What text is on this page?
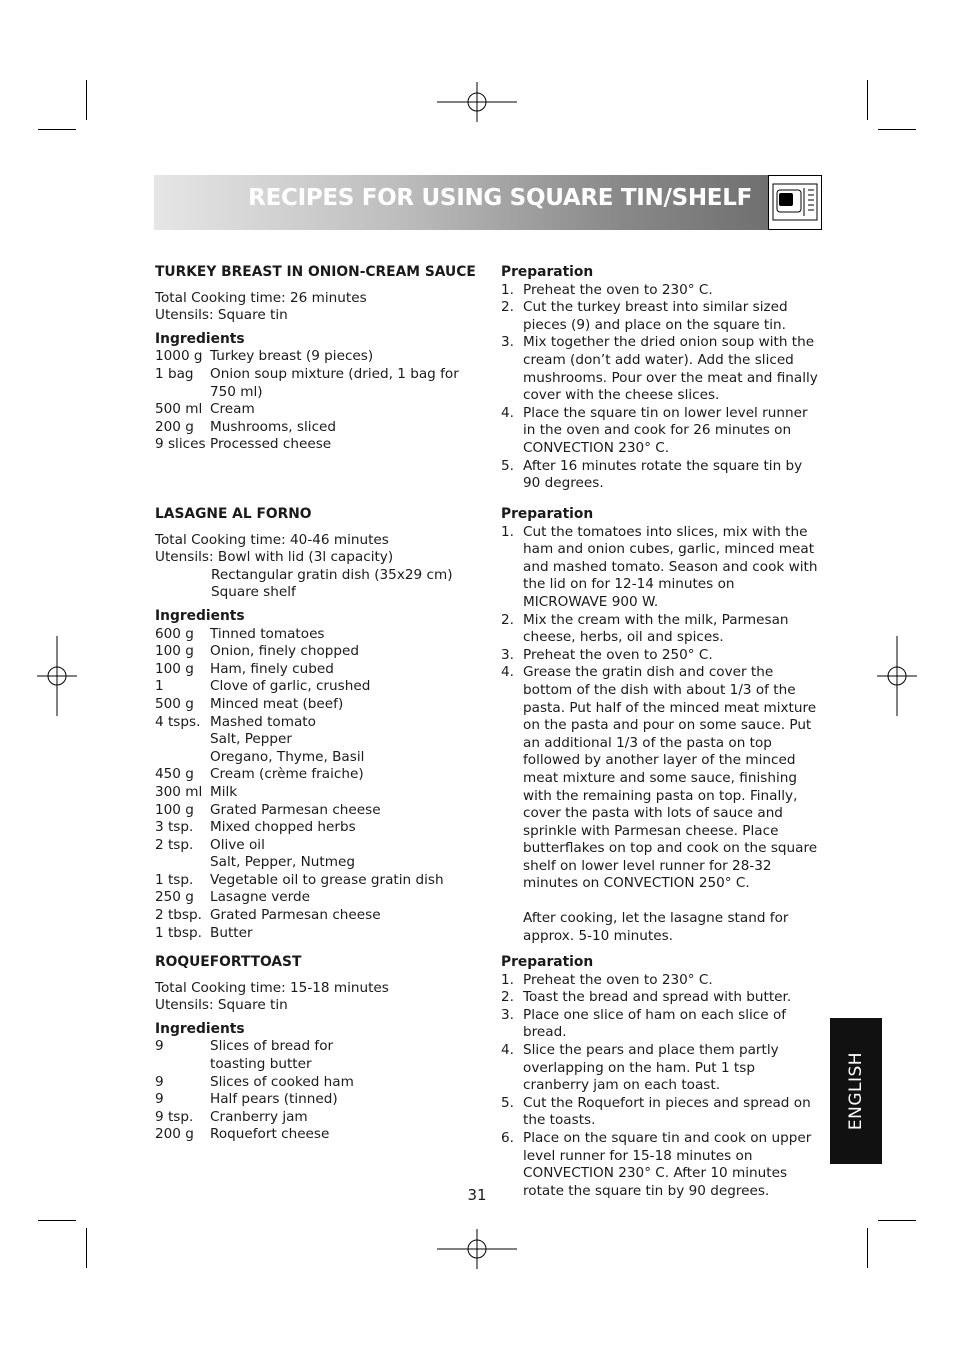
RECIPES FOR USING SQUARE TIN/SHELF

TURKEY BREAST IN ONION-CREAM SAUCE

Total Cooking time: 26 minutes

Utensils: Square tin

Ingredients

1000 g Turkey breast (9 pieces)
1 bag	Onion soup mixture (dried, 1 bag for 750 ml)
500 ml Cream
200 g	Mushrooms, sliced
9 slices Processed cheese

Preparation

1. Preheat the oven to 230° C.
2. Cut the turkey breast into similar sized pieces (9) and place on the square tin.
3. Mix together the dried onion soup with the cream (don’t add water). Add the sliced mushrooms. Pour over the meat and finally cover with the cheese slices.
4. Place the square tin on lower level runner in the oven and cook for 26 minutes on CONVECTION 230° C.
5. After 16 minutes rotate the square tin by 90 degrees.

LASAGNE AL FORNO

Total Cooking time: 40-46 minutes

Utensils: Bowl with lid (3l capacity)

Rectangular gratin dish (35x29 cm)

Square shelf

Ingredients

600 g	Tinned tomatoes
100 g	Onion, finely chopped
100 g	Ham, finely cubed
1	Clove of garlic, crushed
500 g	Minced meat (beef)
4 tsps. Mashed tomato
Salt, Pepper
Oregano, Thyme, Basil
450 g	Cream (crème fraiche)
300 ml Milk
100 g	Grated Parmesan cheese
3 tsp.	Mixed chopped herbs
2 tsp.	Olive oil
Salt, Pepper, Nutmeg
1 tsp.	Vegetable oil to grease gratin dish
250 g	Lasagne verde
2 tbsp. Grated Parmesan cheese
1 tbsp. Butter

Preparation

1. Cut the tomatoes into slices, mix with the ham and onion cubes, garlic, minced meat and mashed tomato. Season and cook with the lid on for 12-14 minutes on MICROWAVE 900 W.
2. Mix the cream with the milk, Parmesan cheese, herbs, oil and spices.
3. Preheat the oven to 250° C.
4. Grease the gratin dish and cover the bottom of the dish with about 1/3 of the pasta. Put half of the minced meat mixture on the pasta and pour on some sauce. Put an additional 1/3 of the pasta on top followed by another layer of the minced meat mixture and some sauce, finishing with the remaining pasta on top. Finally, cover the pasta with lots of sauce and sprinkle with Parmesan cheese. Place butterflakes on top and cook on the square shelf on lower level runner for 28-32 minutes on CONVECTION 250° C.

After cooking, let the lasagne stand for approx. 5-10 minutes.

ROQUEFORTTOAST

Total Cooking time: 15-18 minutes

Utensils: Square tin

Ingredients

9	Slices of bread for toasting butter
9	Slices of cooked ham
9	Half pears (tinned)
9 tsp.	Cranberry jam
200 g	Roquefort cheese

Preparation

1. Preheat the oven to 230° C.
2. Toast the bread and spread with butter.
3. Place one slice of ham on each slice of bread.
4. Slice the pears and place them partly overlapping on the ham. Put 1 tsp cranberry jam on each toast.
5. Cut the Roquefort in pieces and spread on the toasts.
6. Place on the square tin and cook on upper level runner for 15-18 minutes on CONVECTION 230° C. After 10 minutes rotate the square tin by 90 degrees.
ENGLISH
31
